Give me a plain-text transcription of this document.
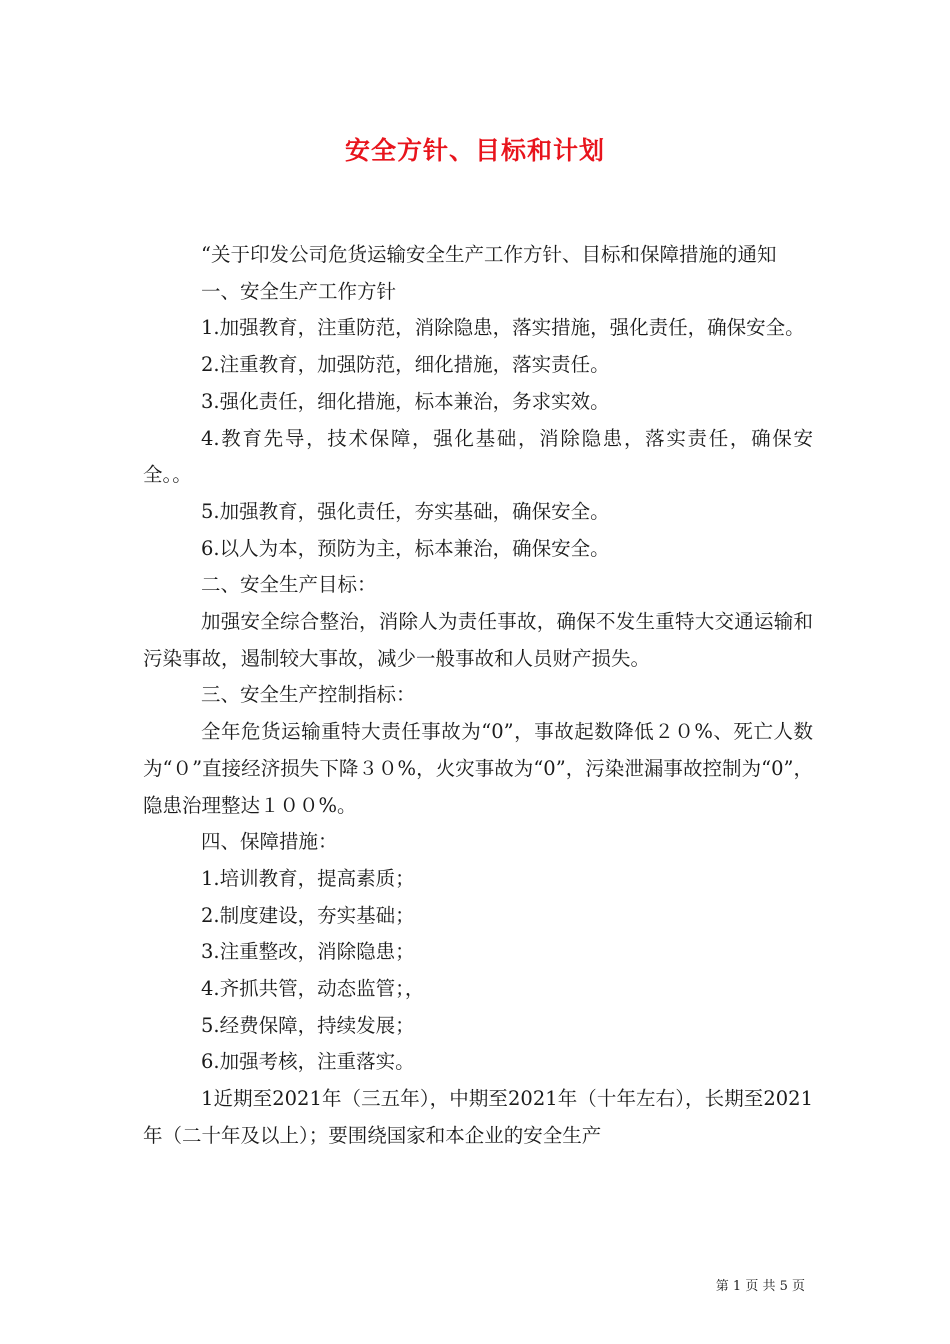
安全方针、目标和计划

“关于印发公司危货运输安全生产工作方针、目标和保障措施的通知

一、安全生产工作方针

1.加强教育，注重防范，消除隐患，落实措施，强化责任，确保安全。

2.注重教育，加强防范，细化措施，落实责任。

3.强化责任，细化措施，标本兼治，务求实效。

4.教育先导，技术保障，强化基础，消除隐患，落实责任，确保安全。。

5.加强教育，强化责任，夯实基础，确保安全。

6.以人为本，预防为主，标本兼治，确保安全。

二、安全生产目标：

加强安全综合整治，消除人为责任事故，确保不发生重特大交通运输和污染事故，遏制较大事故，减少一般事故和人员财产损失。

三、安全生产控制指标：

全年危货运输重特大责任事故为“0”，事故起数降低２０%、死亡人数为“０”直接经济损失下降３０%，火灾事故为“0”，污染泄漏事故控制为“0”，隐患治理整达１００%。

四、保障措施：

1.培训教育，提高素质；

2.制度建设，夯实基础；

3.注重整改，消除隐患；

4.齐抓共管，动态监管；，

5.经费保障，持续发展；

6.加强考核，注重落实。

1近期至2021年（三五年），中期至2021年（十年左右），长期至2021年（二十年及以上）；要围绕国家和本企业的安全生产

第 1 页 共 5 页
